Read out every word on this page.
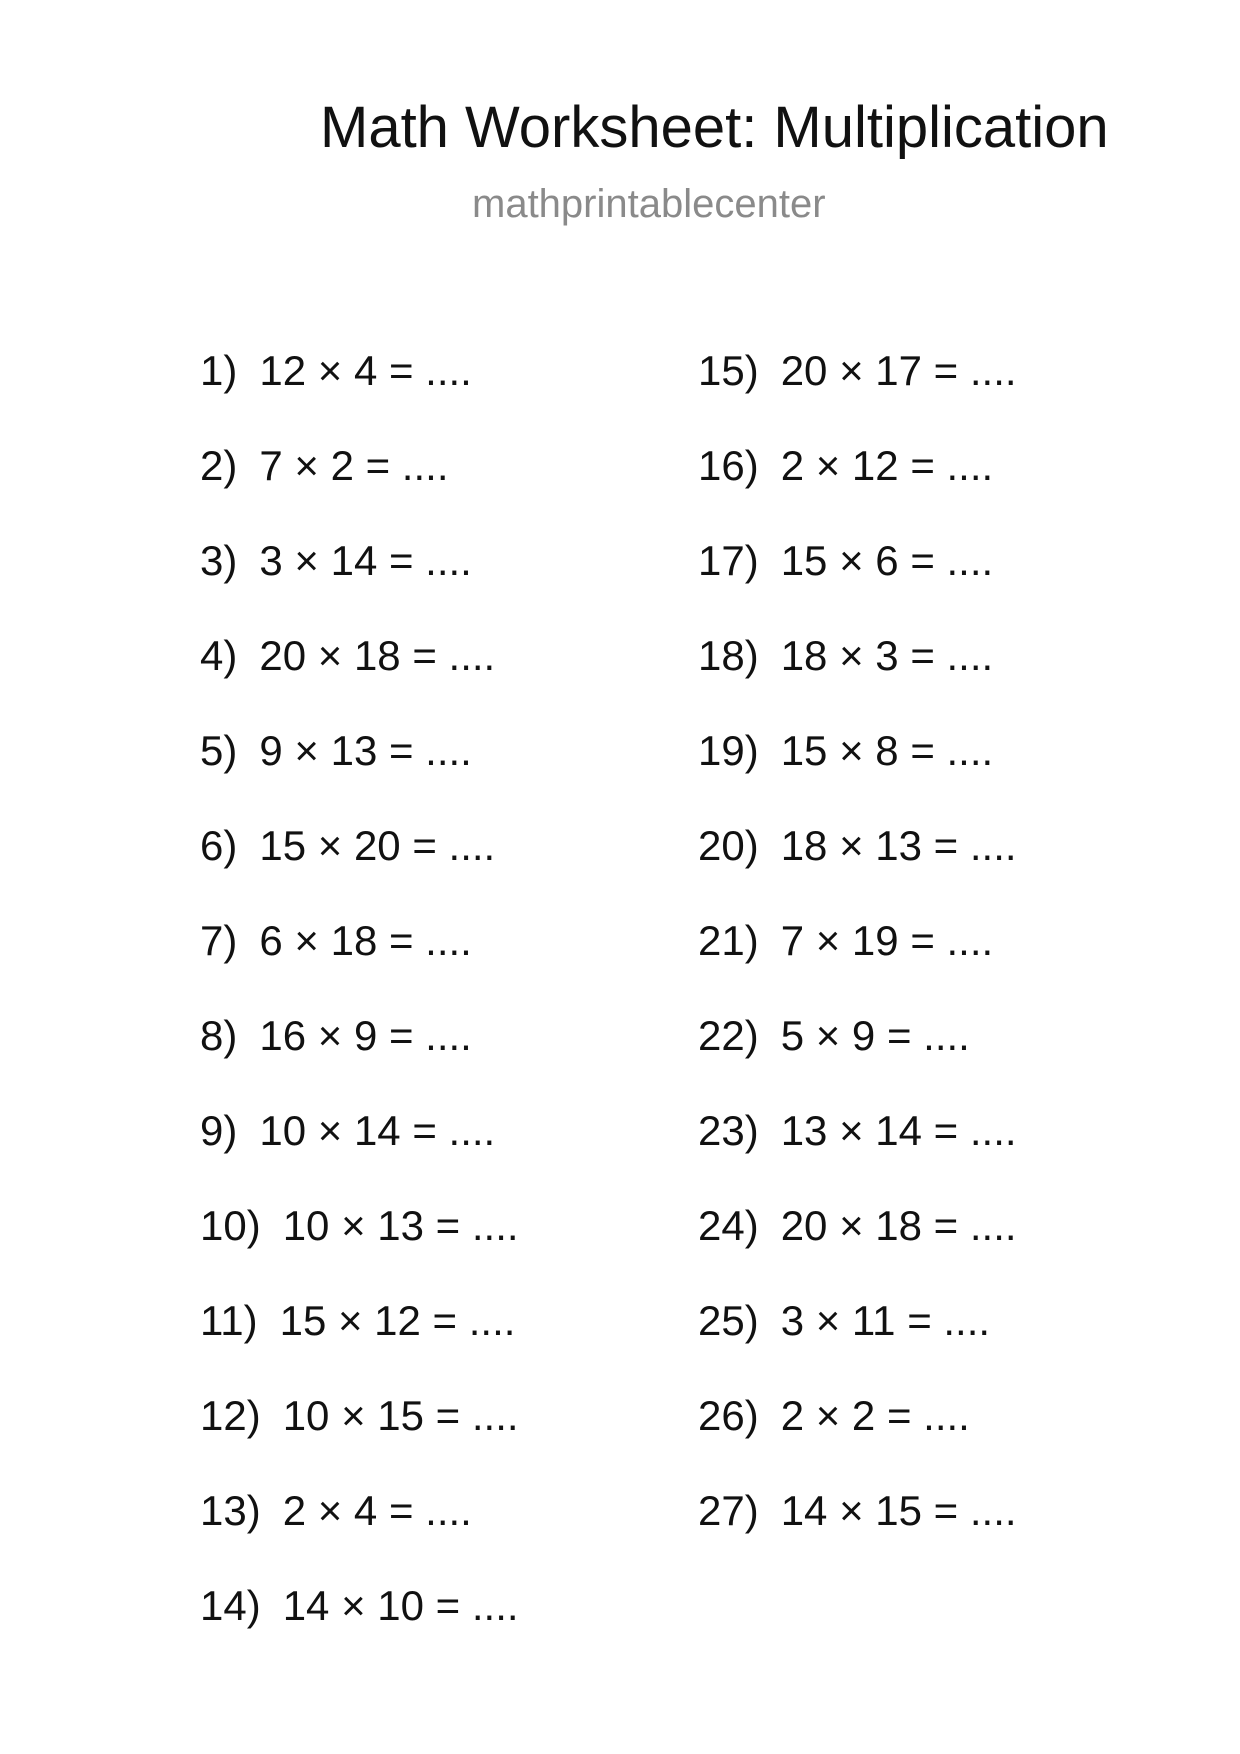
Math Worksheet: Multiplication
mathprintablecenter
1) 12 × 4 = ....
2) 7 × 2 = ....
3) 3 × 14 = ....
4) 20 × 18 = ....
5) 9 × 13 = ....
6) 15 × 20 = ....
7) 6 × 18 = ....
8) 16 × 9 = ....
9) 10 × 14 = ....
10) 10 × 13 = ....
11) 15 × 12 = ....
12) 10 × 15 = ....
13) 2 × 4 = ....
14) 14 × 10 = ....
15) 20 × 17 = ....
16) 2 × 12 = ....
17) 15 × 6 = ....
18) 18 × 3 = ....
19) 15 × 8 = ....
20) 18 × 13 = ....
21) 7 × 19 = ....
22) 5 × 9 = ....
23) 13 × 14 = ....
24) 20 × 18 = ....
25) 3 × 11 = ....
26) 2 × 2 = ....
27) 14 × 15 = ....
